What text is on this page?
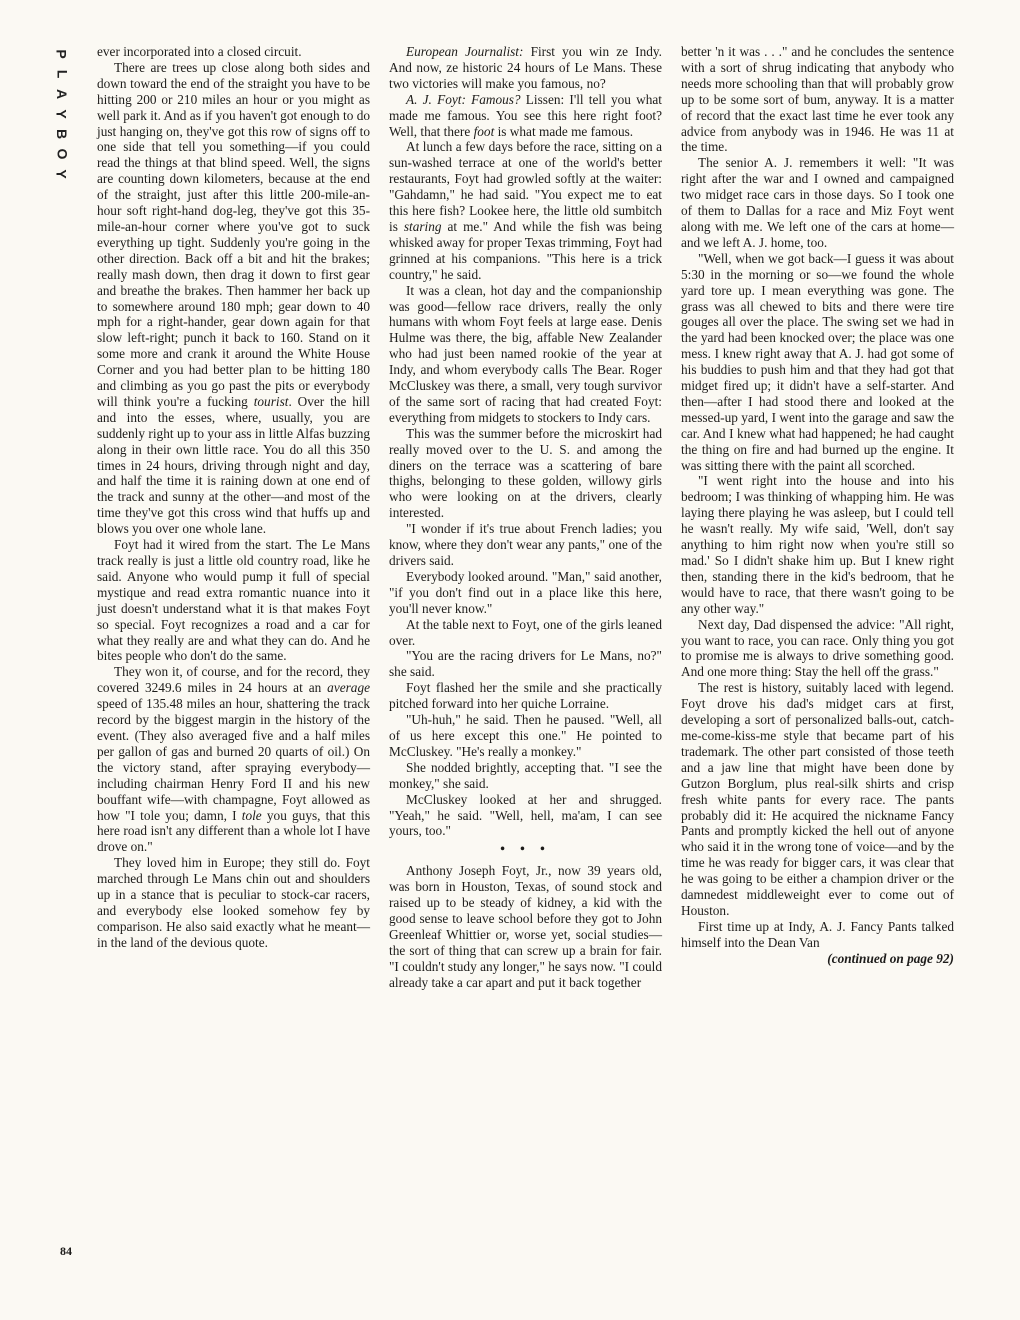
P
L
A
Y
B
O
Y
84

ever incorporated into a closed circuit.

There are trees up close along both sides and down toward the end of the straight you have to be hitting 200 or 210 miles an hour or you might as well park it. And as if you haven't got enough to do just hanging on, they've got this row of signs off to one side that tell you something—if you could read the things at that blind speed. Well, the signs are counting down kilometers, because at the end of the straight, just after this little 200-mile-an-hour soft right-hand dog-leg, they've got this 35-mile-an-hour corner where you've got to suck everything up tight. Suddenly you're going in the other direction. Back off a bit and hit the brakes; really mash down, then drag it down to first gear and breathe the brakes. Then hammer her back up to somewhere around 180 mph; gear down to 40 mph for a right-hander, gear down again for that slow left-right; punch it back to 160. Stand on it some more and crank it around the White House Corner and you had better plan to be hitting 180 and climbing as you go past the pits or everybody will think you're a fucking tourist. Over the hill and into the esses, where, usually, you are suddenly right up to your ass in little Alfas buzzing along in their own little race. You do all this 350 times in 24 hours, driving through night and day, and half the time it is raining down at one end of the track and sunny at the other—and most of the time they've got this cross wind that huffs up and blows you over one whole lane.

Foyt had it wired from the start. The Le Mans track really is just a little old country road, like he said. Anyone who would pump it full of special mystique and read extra romantic nuance into it just doesn't understand what it is that makes Foyt so special. Foyt recognizes a road and a car for what they really are and what they can do. And he bites people who don't do the same.

They won it, of course, and for the record, they covered 3249.6 miles in 24 hours at an average speed of 135.48 miles an hour, shattering the track record by the biggest margin in the history of the event. (They also averaged five and a half miles per gallon of gas and burned 20 quarts of oil.) On the victory stand, after spraying everybody—including chairman Henry Ford II and his new bouffant wife—with champagne, Foyt allowed as how "I tole you; damn, I tole you guys, that this here road isn't any different than a whole lot I have drove on."

They loved him in Europe; they still do. Foyt marched through Le Mans chin out and shoulders up in a stance that is peculiar to stock-car racers, and everybody else looked somehow fey by comparison. He also said exactly what he meant—in the land of the devious quote.

European Journalist: First you win ze Indy. And now, ze historic 24 hours of Le Mans. These two victories will make you famous, no?

A. J. Foyt: Famous? Lissen: I'll tell you what made me famous. You see this here right foot? Well, that there foot is what made me famous.

At lunch a few days before the race, sitting on a sun-washed terrace at one of the world's better restaurants, Foyt had growled softly at the waiter: "Gahdamn," he had said. "You expect me to eat this here fish? Lookee here, the little old sumbitch is staring at me." And while the fish was being whisked away for proper Texas trimming, Foyt had grinned at his companions. "This here is a trick country," he said.

It was a clean, hot day and the companionship was good—fellow race drivers, really the only humans with whom Foyt feels at large ease. Denis Hulme was there, the big, affable New Zealander who had just been named rookie of the year at Indy, and whom everybody calls The Bear. Roger McCluskey was there, a small, very tough survivor of the same sort of racing that had created Foyt: everything from midgets to stockers to Indy cars.

This was the summer before the microskirt had really moved over to the U. S. and among the diners on the terrace was a scattering of bare thighs, belonging to these golden, willowy girls who were looking on at the drivers, clearly interested.

"I wonder if it's true about French ladies; you know, where they don't wear any pants," one of the drivers said.

Everybody looked around. "Man," said another, "if you don't find out in a place like this here, you'll never know."

At the table next to Foyt, one of the girls leaned over.

"You are the racing drivers for Le Mans, no?" she said.

Foyt flashed her the smile and she practically pitched forward into her quiche Lorraine.

"Uh-huh," he said. Then he paused. "Well, all of us here except this one." He pointed to McCluskey. "He's really a monkey."

She nodded brightly, accepting that. "I see the monkey," she said.

McCluskey looked at her and shrugged. "Yeah," he said. "Well, hell, ma'am, I can see yours, too."

• • •

Anthony Joseph Foyt, Jr., now 39 years old, was born in Houston, Texas, of sound stock and raised up to be steady of kidney, a kid with the good sense to leave school before they got to John Greenleaf Whittier or, worse yet, social studies—the sort of thing that can screw up a brain for fair. "I couldn't study any longer," he says now. "I could already take a car apart and put it back together

better 'n it was . . ." and he concludes the sentence with a sort of shrug indicating that anybody who needs more schooling than that will probably grow up to be some sort of bum, anyway. It is a matter of record that the exact last time he ever took any advice from anybody was in 1946. He was 11 at the time.

The senior A. J. remembers it well: "It was right after the war and I owned and campaigned two midget race cars in those days. So I took one of them to Dallas for a race and Miz Foyt went along with me. We left one of the cars at home—and we left A. J. home, too.

"Well, when we got back—I guess it was about 5:30 in the morning or so—we found the whole yard tore up. I mean everything was gone. The grass was all chewed to bits and there were tire gouges all over the place. The swing set we had in the yard had been knocked over; the place was one mess. I knew right away that A. J. had got some of his buddies to push him and that they had got that midget fired up; it didn't have a self-starter. And then—after I had stood there and looked at the messed-up yard, I went into the garage and saw the car. And I knew what had happened; he had caught the thing on fire and had burned up the engine. It was sitting there with the paint all scorched.

"I went right into the house and into his bedroom; I was thinking of whapping him. He was laying there playing he was asleep, but I could tell he wasn't really. My wife said, 'Well, don't say anything to him right now when you're still so mad.' So I didn't shake him up. But I knew right then, standing there in the kid's bedroom, that he would have to race, that there wasn't going to be any other way."

Next day, Dad dispensed the advice: "All right, you want to race, you can race. Only thing you got to promise me is always to drive something good. And one more thing: Stay the hell off the grass."

The rest is history, suitably laced with legend. Foyt drove his dad's midget cars at first, developing a sort of personalized balls-out, catch-me-come-kiss-me style that became part of his trademark. The other part consisted of those teeth and a jaw line that might have been done by Gutzon Borglum, plus real-silk shirts and crisp fresh white pants for every race. The pants probably did it: He acquired the nickname Fancy Pants and promptly kicked the hell out of anyone who said it in the wrong tone of voice—and by the time he was ready for bigger cars, it was clear that he was going to be either a champion driver or the damnedest middleweight ever to come out of Houston.

First time up at Indy, A. J. Fancy Pants talked himself into the Dean Van

(continued on page 92)
